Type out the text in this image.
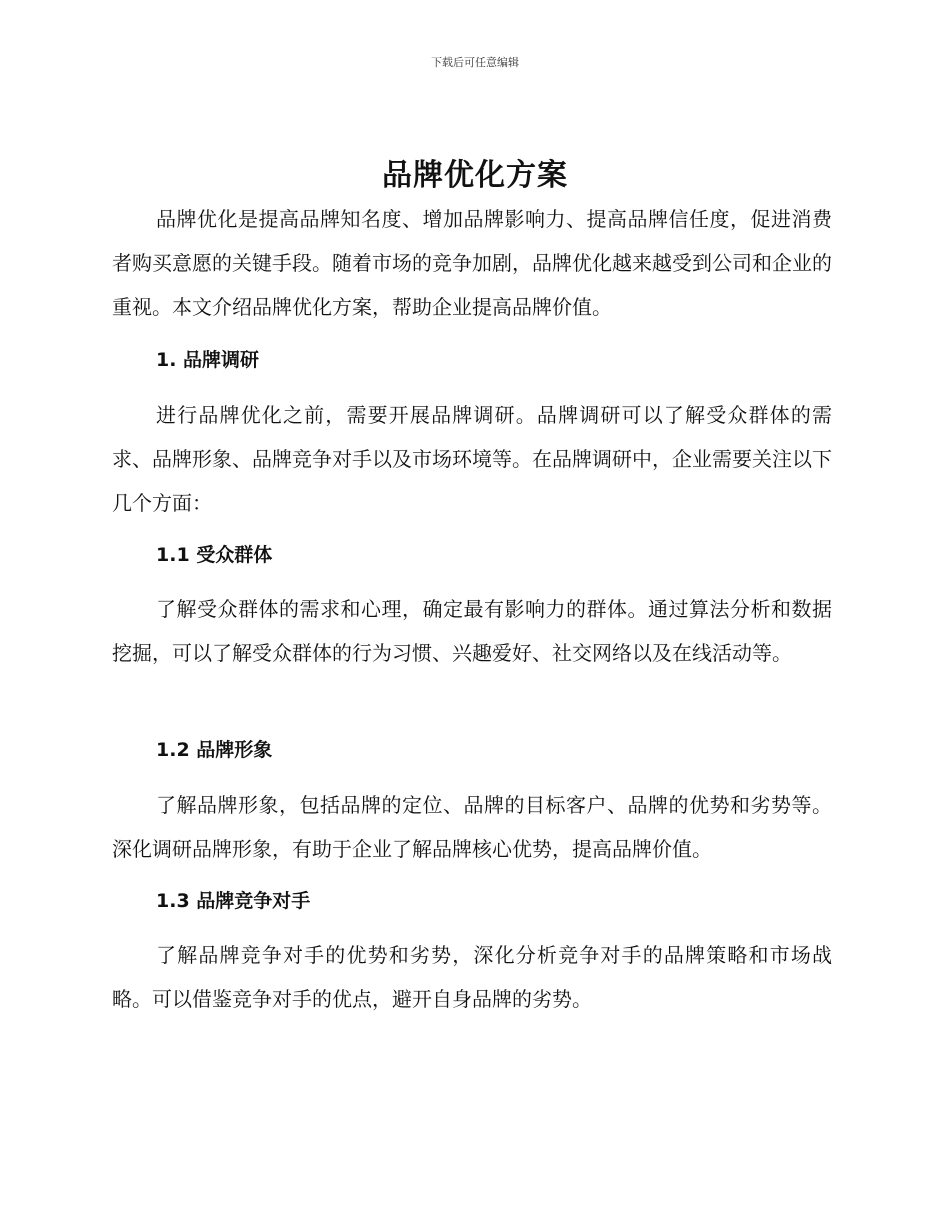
下载后可任意编辑
品牌优化方案
品牌优化是提高品牌知名度、增加品牌影响力、提高品牌信任度，促进消费者购买意愿的关键手段。随着市场的竞争加剧，品牌优化越来越受到公司和企业的重视。本文介绍品牌优化方案，帮助企业提高品牌价值。
1. 品牌调研
进行品牌优化之前，需要开展品牌调研。品牌调研可以了解受众群体的需求、品牌形象、品牌竞争对手以及市场环境等。在品牌调研中，企业需要关注以下几个方面：
1.1 受众群体
了解受众群体的需求和心理，确定最有影响力的群体。通过算法分析和数据挖掘，可以了解受众群体的行为习惯、兴趣爱好、社交网络以及在线活动等。
1.2 品牌形象
了解品牌形象，包括品牌的定位、品牌的目标客户、品牌的优势和劣势等。深化调研品牌形象，有助于企业了解品牌核心优势，提高品牌价值。
1.3 品牌竞争对手
了解品牌竞争对手的优势和劣势，深化分析竞争对手的品牌策略和市场战略。可以借鉴竞争对手的优点，避开自身品牌的劣势。
